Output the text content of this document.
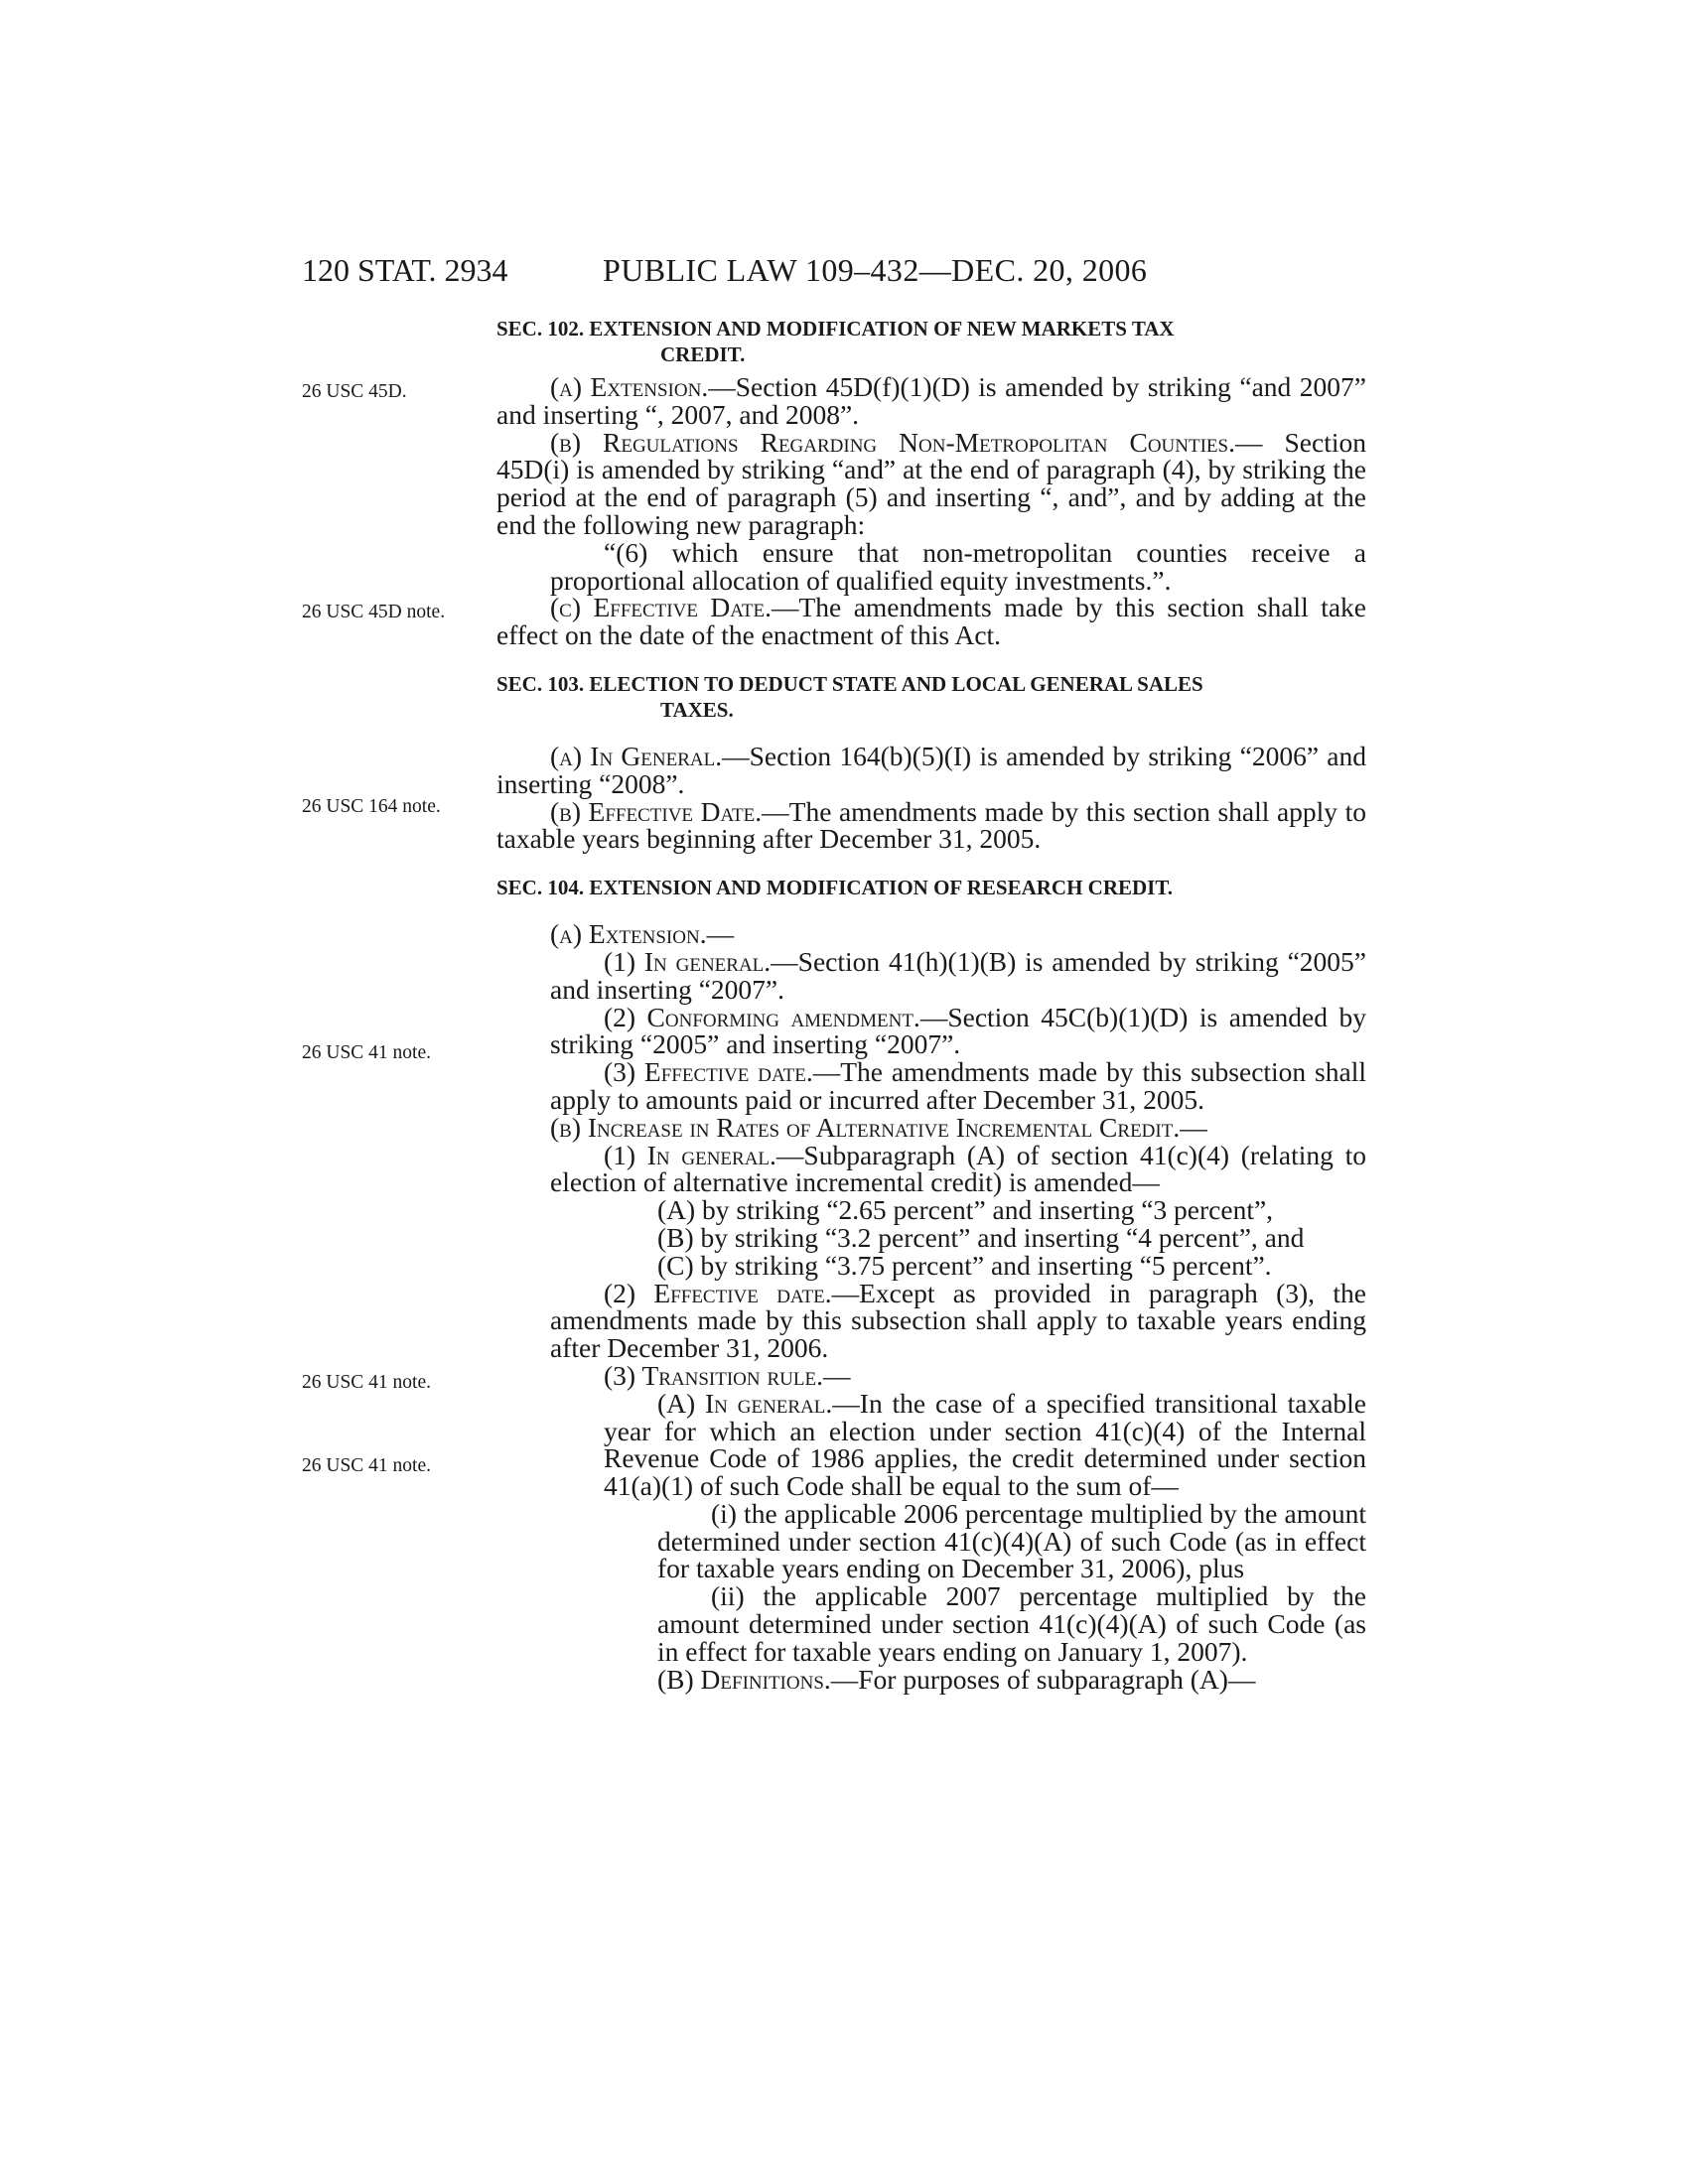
120 STAT. 2934	PUBLIC LAW 109–432—DEC. 20, 2006
26 USC 45D.
26 USC 45D note.
26 USC 164 note.
26 USC 41 note.
26 USC 41 note.
26 USC 41 note.

SEC. 102. EXTENSION AND MODIFICATION OF NEW MARKETS TAX
CREDIT.

(a) Extension.—Section 45D(f)(1)(D) is amended by striking “and 2007” and inserting “, 2007, and 2008”.

(b) Regulations Regarding Non-Metropolitan Counties.— Section 45D(i) is amended by striking “and” at the end of paragraph (4), by striking the period at the end of paragraph (5) and inserting “, and”, and by adding at the end the following new paragraph:

“(6) which ensure that non-metropolitan counties receive a proportional allocation of qualified equity investments.”.

(c) Effective Date.—The amendments made by this section shall take effect on the date of the enactment of this Act.

SEC. 103. ELECTION TO DEDUCT STATE AND LOCAL GENERAL SALES
TAXES.

(a) In General.—Section 164(b)(5)(I) is amended by striking “2006” and inserting “2008”.

(b) Effective Date.—The amendments made by this section shall apply to taxable years beginning after December 31, 2005.

SEC. 104. EXTENSION AND MODIFICATION OF RESEARCH CREDIT.

(a) Extension.—

(1) In general.—Section 41(h)(1)(B) is amended by striking “2005” and inserting “2007”.

(2) Conforming amendment.—Section 45C(b)(1)(D) is amended by striking “2005” and inserting “2007”.

(3) Effective date.—The amendments made by this subsection shall apply to amounts paid or incurred after December 31, 2005.

(b) Increase in Rates of Alternative Incremental Credit.—

(1) In general.—Subparagraph (A) of section 41(c)(4) (relating to election of alternative incremental credit) is amended—

(A) by striking “2.65 percent” and inserting “3 percent”,

(B) by striking “3.2 percent” and inserting “4 percent”, and

(C) by striking “3.75 percent” and inserting “5 percent”.

(2) Effective date.—Except as provided in paragraph (3), the amendments made by this subsection shall apply to taxable years ending after December 31, 2006.

(3) Transition rule.—

(A) In general.—In the case of a specified transitional taxable year for which an election under section 41(c)(4) of the Internal Revenue Code of 1986 applies, the credit determined under section 41(a)(1) of such Code shall be equal to the sum of—

(i) the applicable 2006 percentage multiplied by the amount determined under section 41(c)(4)(A) of such Code (as in effect for taxable years ending on December 31, 2006), plus

(ii) the applicable 2007 percentage multiplied by the amount determined under section 41(c)(4)(A) of such Code (as in effect for taxable years ending on January 1, 2007).

(B) Definitions.—For purposes of subparagraph (A)—
